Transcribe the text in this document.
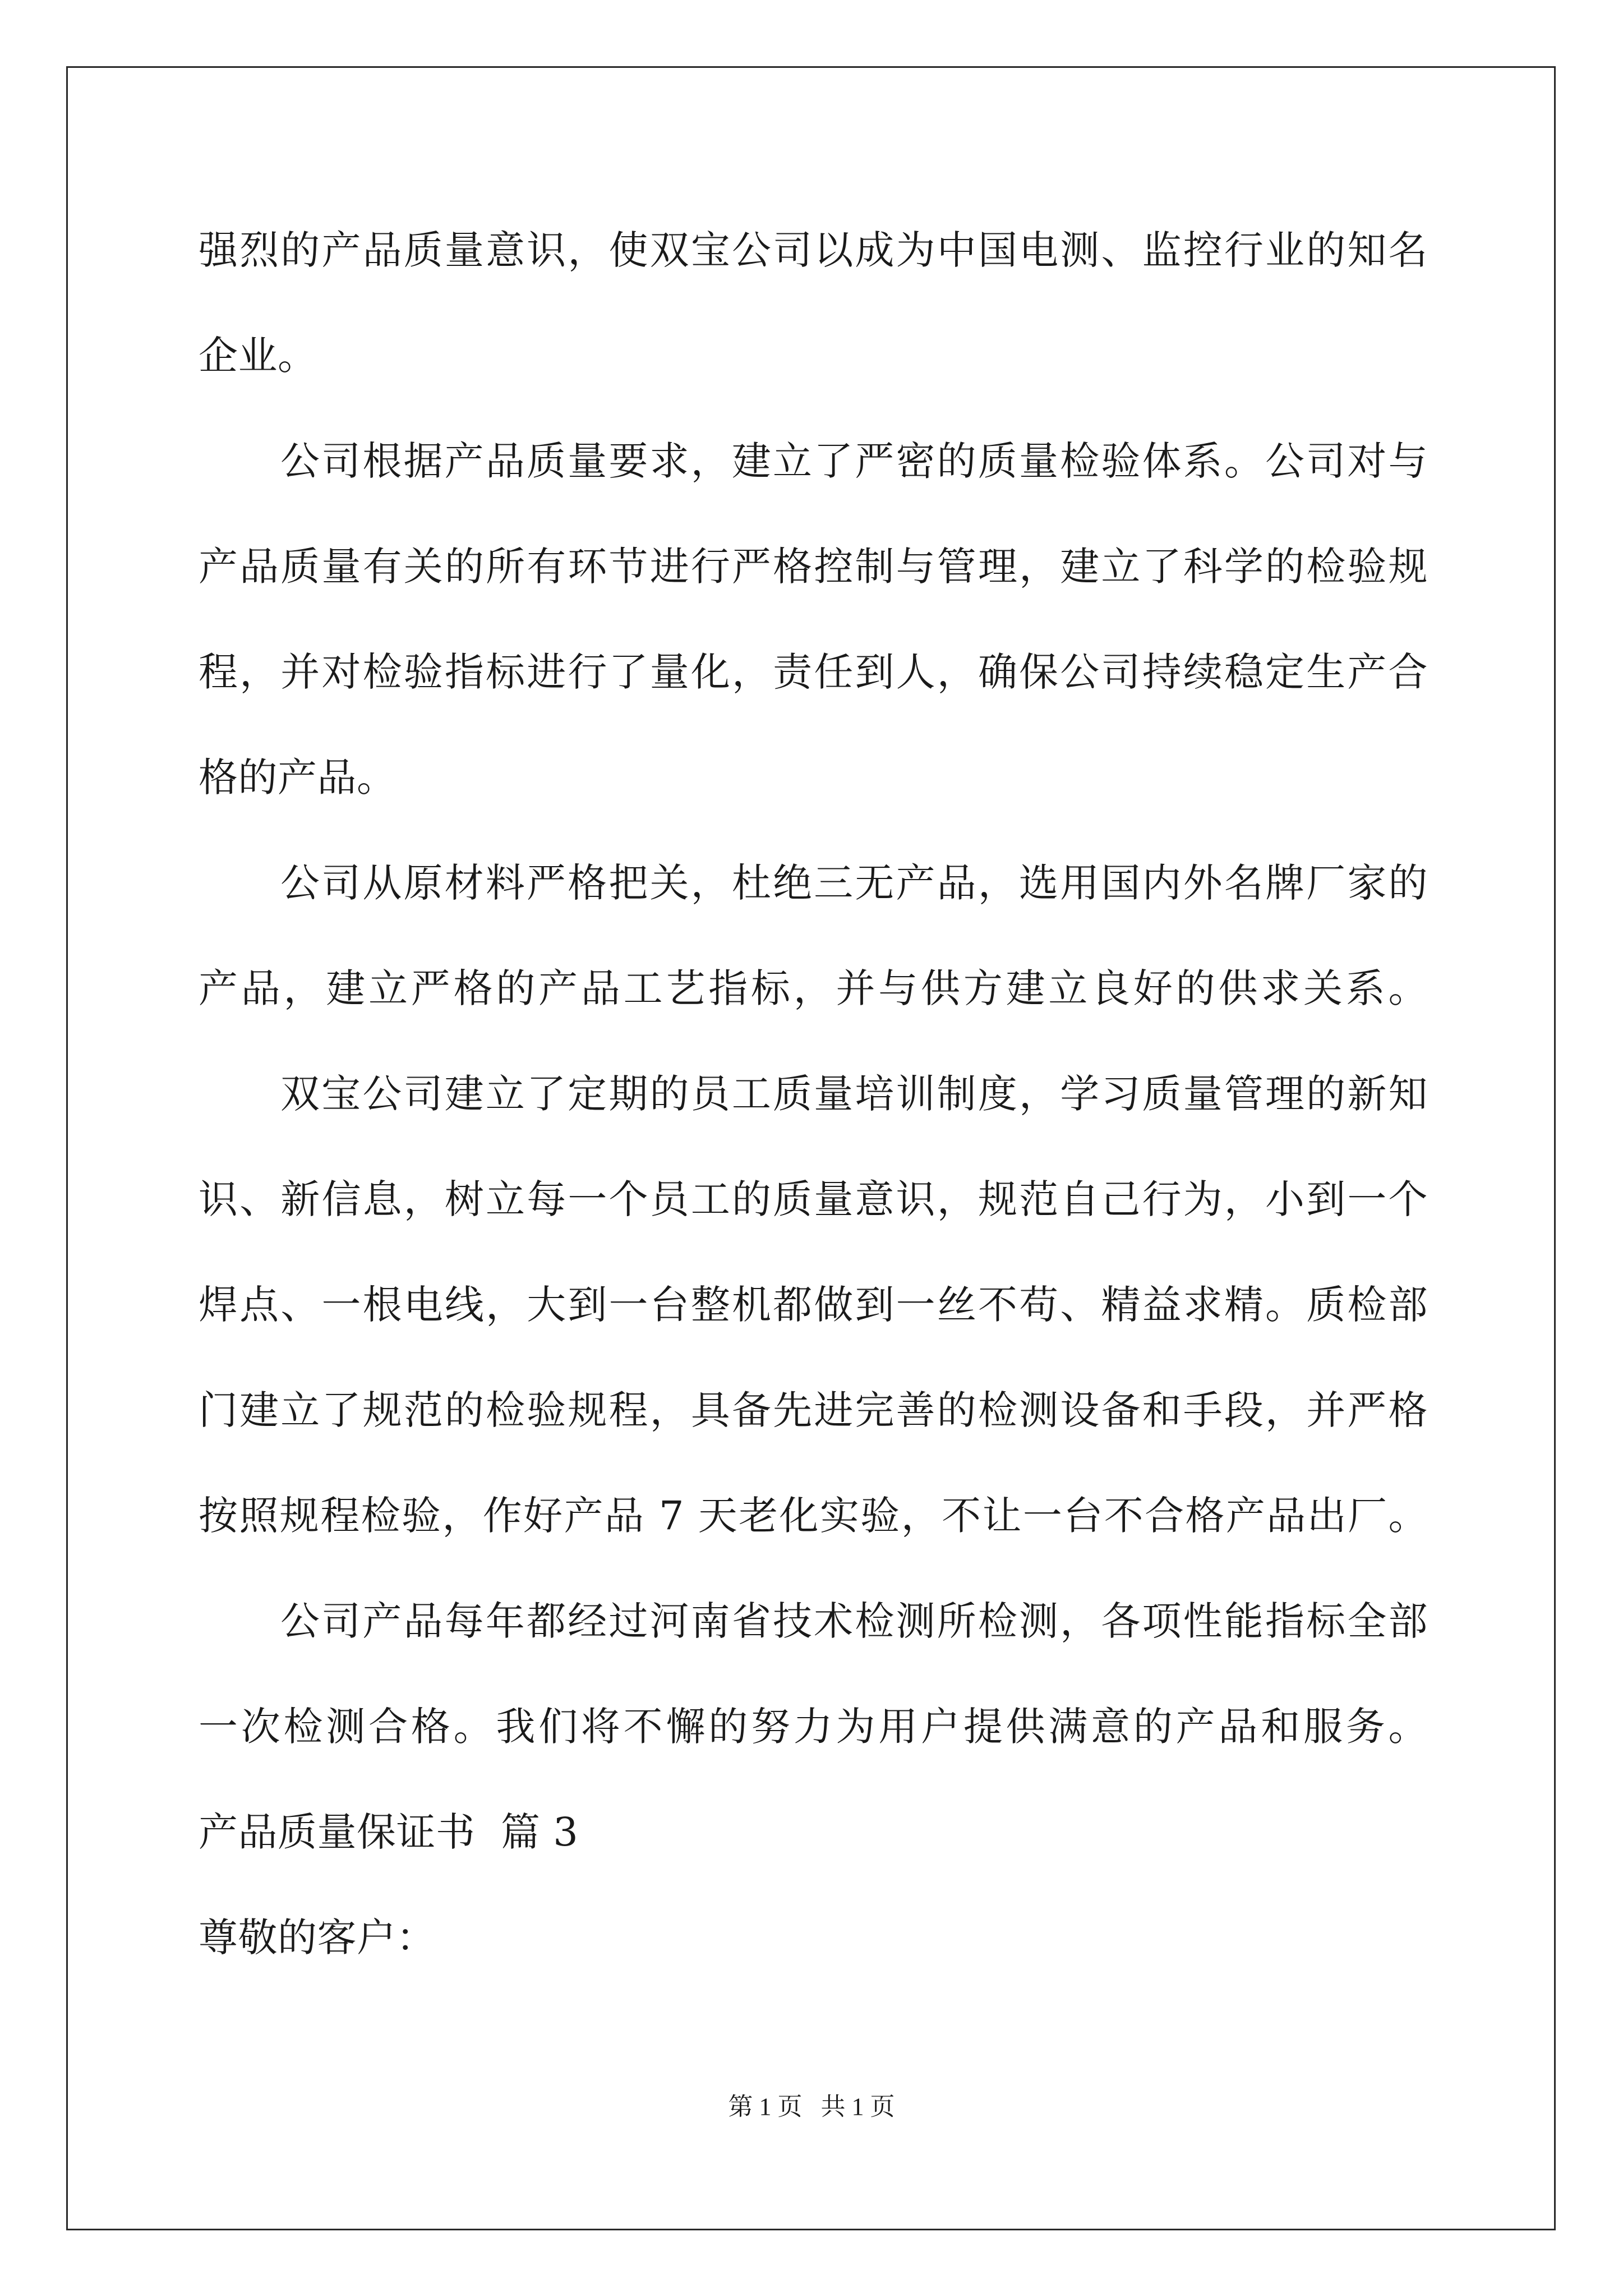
强烈的产品质量意识，使双宝公司以成为中国电测、监控行业的知名
企业。
公司根据产品质量要求，建立了严密的质量检验体系。公司对与
产品质量有关的所有环节进行严格控制与管理，建立了科学的检验规
程，并对检验指标进行了量化，责任到人，确保公司持续稳定生产合
格的产品。
公司从原材料严格把关，杜绝三无产品，选用国内外名牌厂家的
产品，建立严格的产品工艺指标，并与供方建立良好的供求关系。
双宝公司建立了定期的员工质量培训制度，学习质量管理的新知
识、新信息，树立每一个员工的质量意识，规范自己行为，小到一个
焊点、一根电线，大到一台整机都做到一丝不苟、精益求精。质检部
门建立了规范的检验规程，具备先进完善的检测设备和手段，并严格
按照规程检验，作好产品 7 天老化实验，不让一台不合格产品出厂。
公司产品每年都经过河南省技术检测所检测，各项性能指标全部
一次检测合格。我们将不懈的努力为用户提供满意的产品和服务。
产品质量保证书  篇 3
尊敬的客户：
第 1 页   共 1 页
